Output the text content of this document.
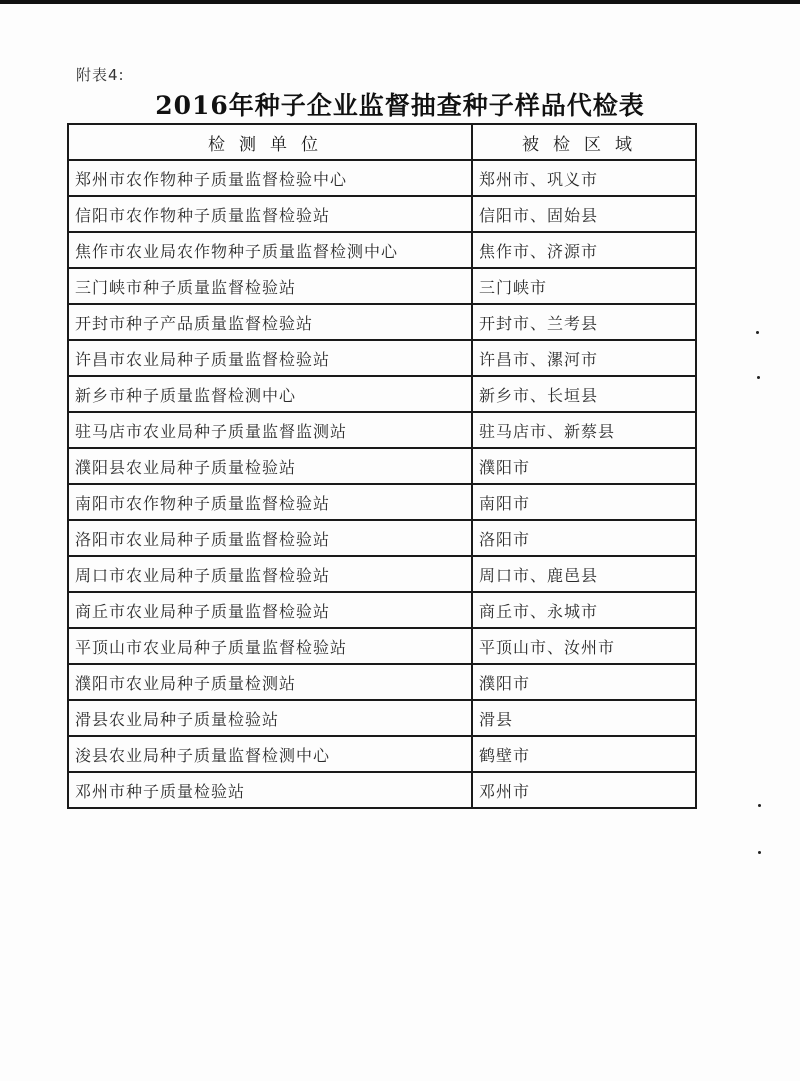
附表4:
2016年种子企业监督抽查种子样品代检表
检测单位	被检区域
郑州市农作物种子质量监督检验中心	郑州市、巩义市
信阳市农作物种子质量监督检验站	信阳市、固始县
焦作市农业局农作物种子质量监督检测中心	焦作市、济源市
三门峡市种子质量监督检验站	三门峡市
开封市种子产品质量监督检验站	开封市、兰考县
许昌市农业局种子质量监督检验站	许昌市、漯河市
新乡市种子质量监督检测中心	新乡市、长垣县
驻马店市农业局种子质量监督监测站	驻马店市、新蔡县
濮阳县农业局种子质量检验站	濮阳市
南阳市农作物种子质量监督检验站	南阳市
洛阳市农业局种子质量监督检验站	洛阳市
周口市农业局种子质量监督检验站	周口市、鹿邑县
商丘市农业局种子质量监督检验站	商丘市、永城市
平顶山市农业局种子质量监督检验站	平顶山市、汝州市
濮阳市农业局种子质量检测站	濮阳市
滑县农业局种子质量检验站	滑县
浚县农业局种子质量监督检测中心	鹤壁市
邓州市种子质量检验站	邓州市
